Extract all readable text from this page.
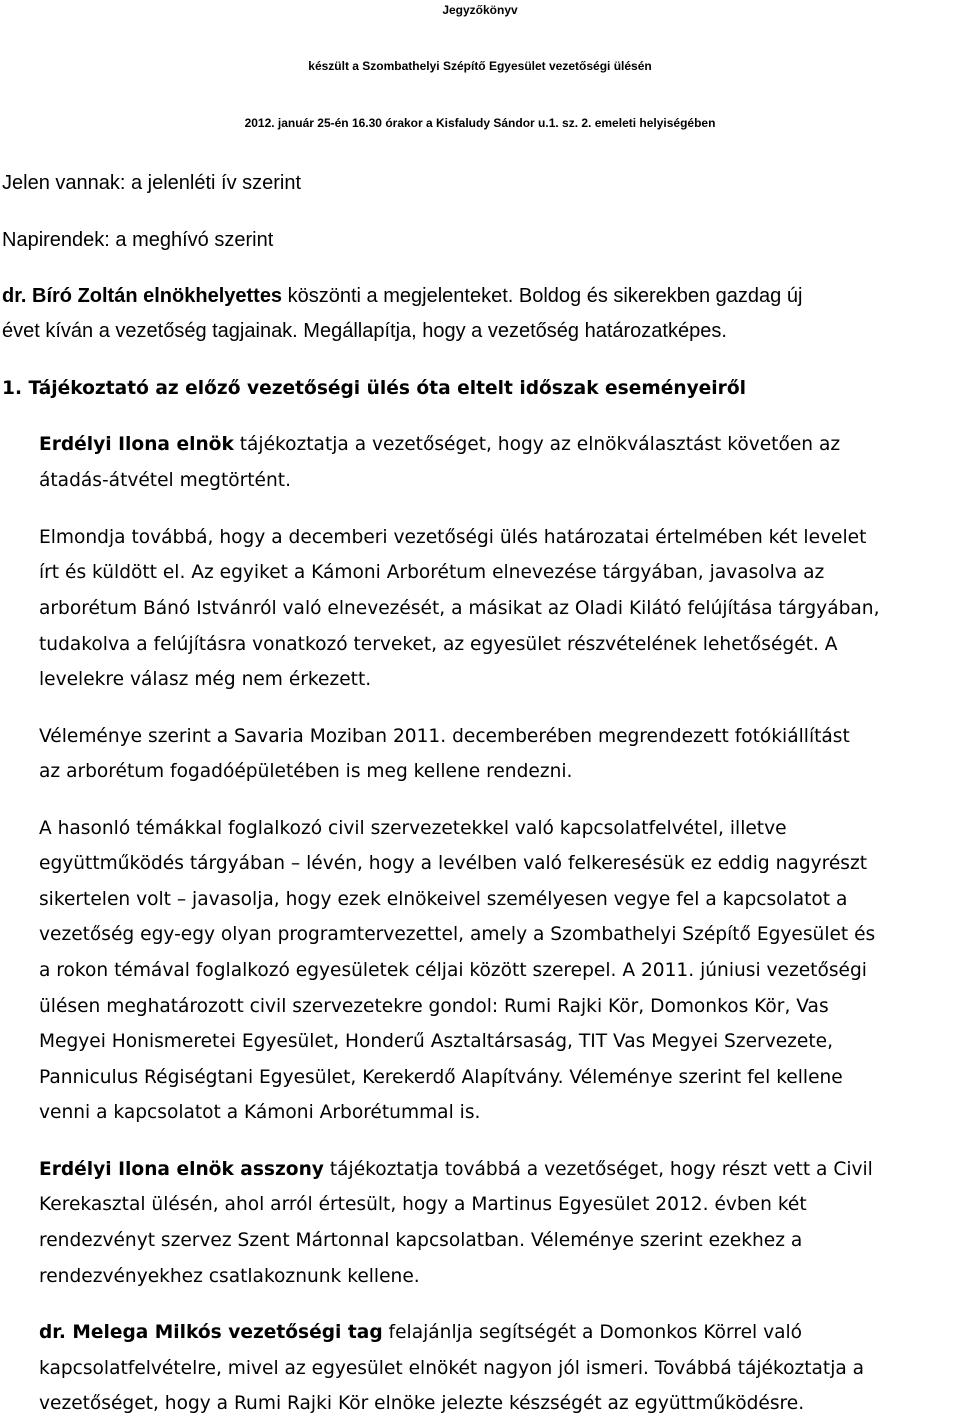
Jegyzőkönyv
készült a Szombathelyi Szépítő Egyesület vezetőségi ülésén
2012. január 25-én 16.30 órakor a Kisfaludy Sándor u.1. sz. 2. emeleti helyiségében
Jelen vannak: a jelenléti ív szerint
Napirendek: a meghívó szerint
dr. Bíró Zoltán elnökhelyettes köszönti a megjelenteket. Boldog és sikerekben gazdag új
évet kíván a vezetőség tagjainak. Megállapítja, hogy a vezetőség határozatképes.
1. Tájékoztató az előző vezetőségi ülés óta eltelt időszak eseményeiről
Erdélyi Ilona elnök tájékoztatja a vezetőséget, hogy az elnökválasztást követően az
átadás-átvétel megtörtént.
Elmondja továbbá, hogy a decemberi vezetőségi ülés határozatai értelmében két levelet
írt és küldött el. Az egyiket a Kámoni Arborétum elnevezése tárgyában, javasolva az
arborétum Bánó Istvánról való elnevezését, a másikat az Oladi Kilátó felújítása tárgyában,
tudakolva a felújításra vonatkozó terveket, az egyesület részvételének lehetőségét. A
levelekre válasz még nem érkezett.
Véleménye szerint a Savaria Moziban 2011. decemberében megrendezett fotókiállítást
az arborétum fogadóépületében is meg kellene rendezni.
A hasonló témákkal foglalkozó civil szervezetekkel való kapcsolatfelvétel, illetve
együttműködés tárgyában – lévén, hogy a levélben való felkeresésük ez eddig nagyrészt
sikertelen volt – javasolja, hogy ezek elnökeivel személyesen vegye fel a kapcsolatot a
vezetőség egy-egy olyan programtervezettel, amely a Szombathelyi Szépítő Egyesület és
a rokon témával foglalkozó egyesületek céljai között szerepel. A 2011. júniusi vezetőségi
ülésen meghatározott civil szervezetekre gondol: Rumi Rajki Kör, Domonkos Kör, Vas
Megyei Honismeretei Egyesület, Honderű Asztaltársaság, TIT Vas Megyei Szervezete,
Panniculus Régiségtani Egyesület, Kerekerdő Alapítvány. Véleménye szerint fel kellene
venni a kapcsolatot a Kámoni Arborétummal is.
Erdélyi Ilona elnök asszony tájékoztatja továbbá a vezetőséget, hogy részt vett a Civil
Kerekasztal ülésén, ahol arról értesült, hogy a Martinus Egyesület 2012. évben két
rendezvényt szervez Szent Mártonnal kapcsolatban. Véleménye szerint ezekhez a
rendezvényekhez csatlakoznunk kellene.
dr. Melega Milkós vezetőségi tag felajánlja segítségét a Domonkos Körrel való
kapcsolatfelvételre, mivel az egyesület elnökét nagyon jól ismeri. Továbbá tájékoztatja a
vezetőséget, hogy a Rumi Rajki Kör elnöke jelezte készségét az együttműködésre.
